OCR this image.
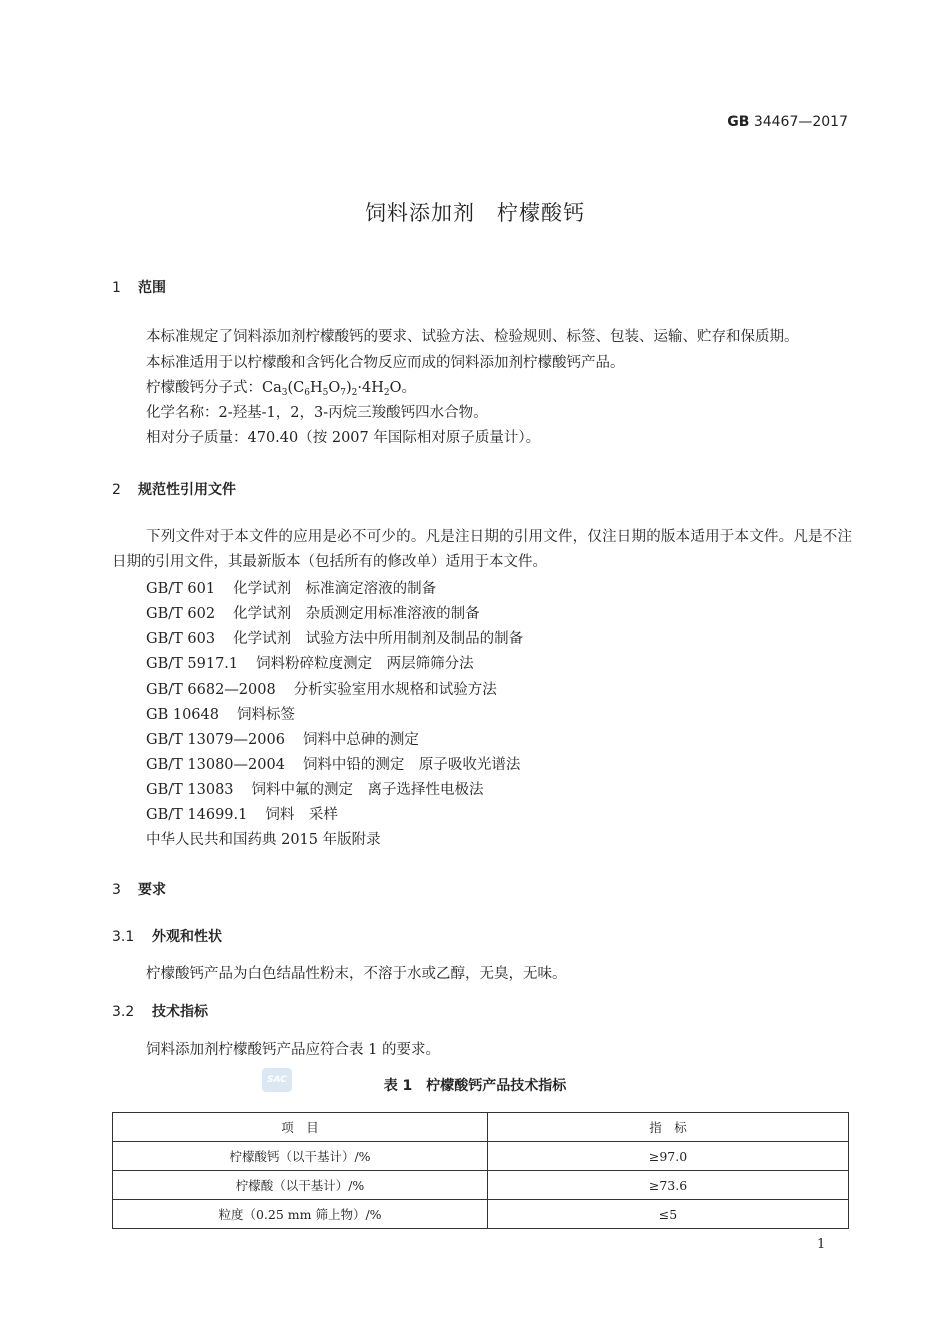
GB 34467—2017
饲料添加剂　柠檬酸钙
1 范围
本标准规定了饲料添加剂柠檬酸钙的要求、试验方法、检验规则、标签、包装、运输、贮存和保质期。
本标准适用于以柠檬酸和含钙化合物反应而成的饲料添加剂柠檬酸钙产品。
柠檬酸钙分子式：$Ca_3(C_6H_5O_7)_2\cdot 4H_2O$。
化学名称：2-羟基-1，2，3-丙烷三羧酸钙四水合物。
相对分子质量：470.40（按 2007 年国际相对原子质量计）。
2 规范性引用文件
下列文件对于本文件的应用是必不可少的。凡是注日期的引用文件，仅注日期的版本适用于本文件。凡是不注日期的引用文件，其最新版本（包括所有的修改单）适用于本文件。
GB/T 601 化学试剂　标准滴定溶液的制备
GB/T 602 化学试剂　杂质测定用标准溶液的制备
GB/T 603 化学试剂　试验方法中所用制剂及制品的制备
GB/T 5917.1 饲料粉碎粒度测定　两层筛筛分法
GB/T 6682—2008 分析实验室用水规格和试验方法
GB 10648 饲料标签
GB/T 13079—2006 饲料中总砷的测定
GB/T 13080—2004 饲料中铅的测定　原子吸收光谱法
GB/T 13083 饲料中氟的测定　离子选择性电极法
GB/T 14699.1 饲料　采样
中华人民共和国药典 2015 年版附录
3 要求
3.1 外观和性状
柠檬酸钙产品为白色结晶性粉末，不溶于水或乙醇，无臭，无味。
3.2 技术指标
饲料添加剂柠檬酸钙产品应符合表 1 的要求。
SAC	表 1　柠檬酸钙产品技术指标
项　目	指　标
柠檬酸钙（以干基计）/%	≥97.0
柠檬酸（以干基计）/%	≥73.6
粒度（0.25 mm 筛上物）/%	≤5
1
